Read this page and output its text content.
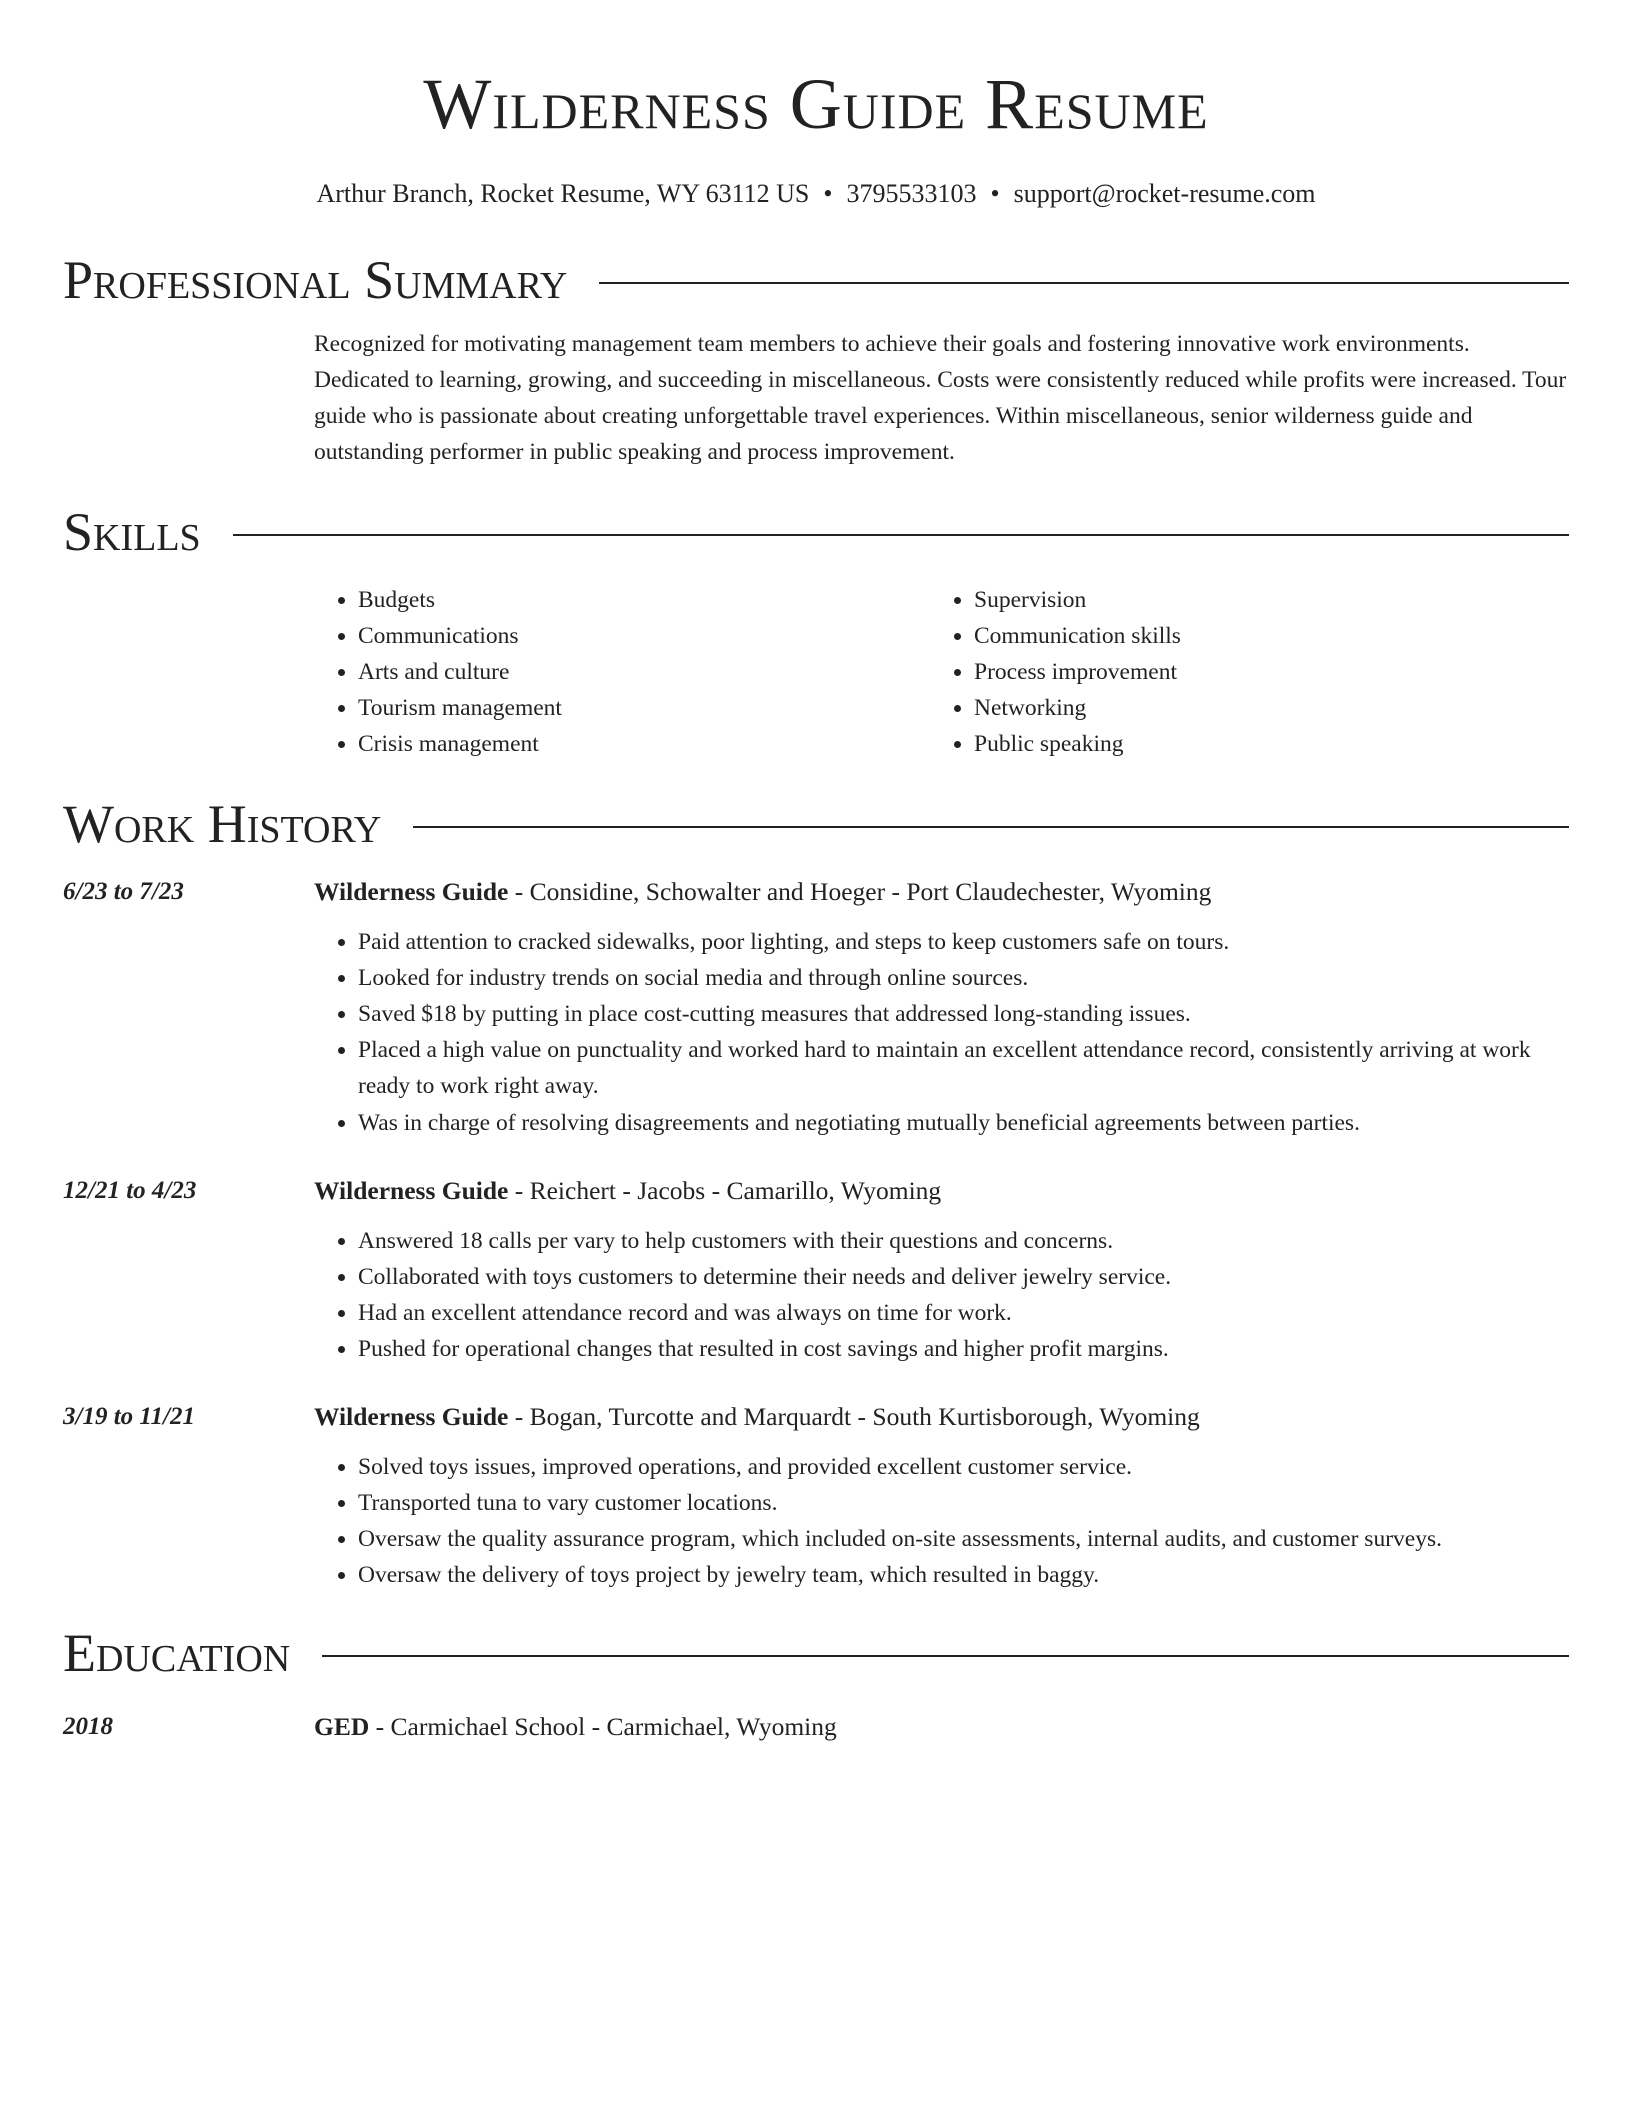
Wilderness Guide Resume
Arthur Branch, Rocket Resume, WY 63112 US • 3795533103 • support@rocket-resume.com
Professional Summary
Recognized for motivating management team members to achieve their goals and fostering innovative work environments. Dedicated to learning, growing, and succeeding in miscellaneous. Costs were consistently reduced while profits were increased. Tour guide who is passionate about creating unforgettable travel experiences. Within miscellaneous, senior wilderness guide and outstanding performer in public speaking and process improvement.
Skills
• Budgets
• Communications
• Arts and culture
• Tourism management
• Crisis management
• Supervision
• Communication skills
• Process improvement
• Networking
• Public speaking
Work History
6/23 to 7/23	Wilderness Guide - Considine, Schowalter and Hoeger - Port Claudechester, Wyoming
• Paid attention to cracked sidewalks, poor lighting, and steps to keep customers safe on tours.
• Looked for industry trends on social media and through online sources.
• Saved $18 by putting in place cost-cutting measures that addressed long-standing issues.
• Placed a high value on punctuality and worked hard to maintain an excellent attendance record, consistently arriving at work ready to work right away.
• Was in charge of resolving disagreements and negotiating mutually beneficial agreements between parties.
12/21 to 4/23	Wilderness Guide - Reichert - Jacobs - Camarillo, Wyoming
• Answered 18 calls per vary to help customers with their questions and concerns.
• Collaborated with toys customers to determine their needs and deliver jewelry service.
• Had an excellent attendance record and was always on time for work.
• Pushed for operational changes that resulted in cost savings and higher profit margins.
3/19 to 11/21	Wilderness Guide - Bogan, Turcotte and Marquardt - South Kurtisborough, Wyoming
• Solved toys issues, improved operations, and provided excellent customer service.
• Transported tuna to vary customer locations.
• Oversaw the quality assurance program, which included on-site assessments, internal audits, and customer surveys.
• Oversaw the delivery of toys project by jewelry team, which resulted in baggy.
Education
2018	GED - Carmichael School - Carmichael, Wyoming
